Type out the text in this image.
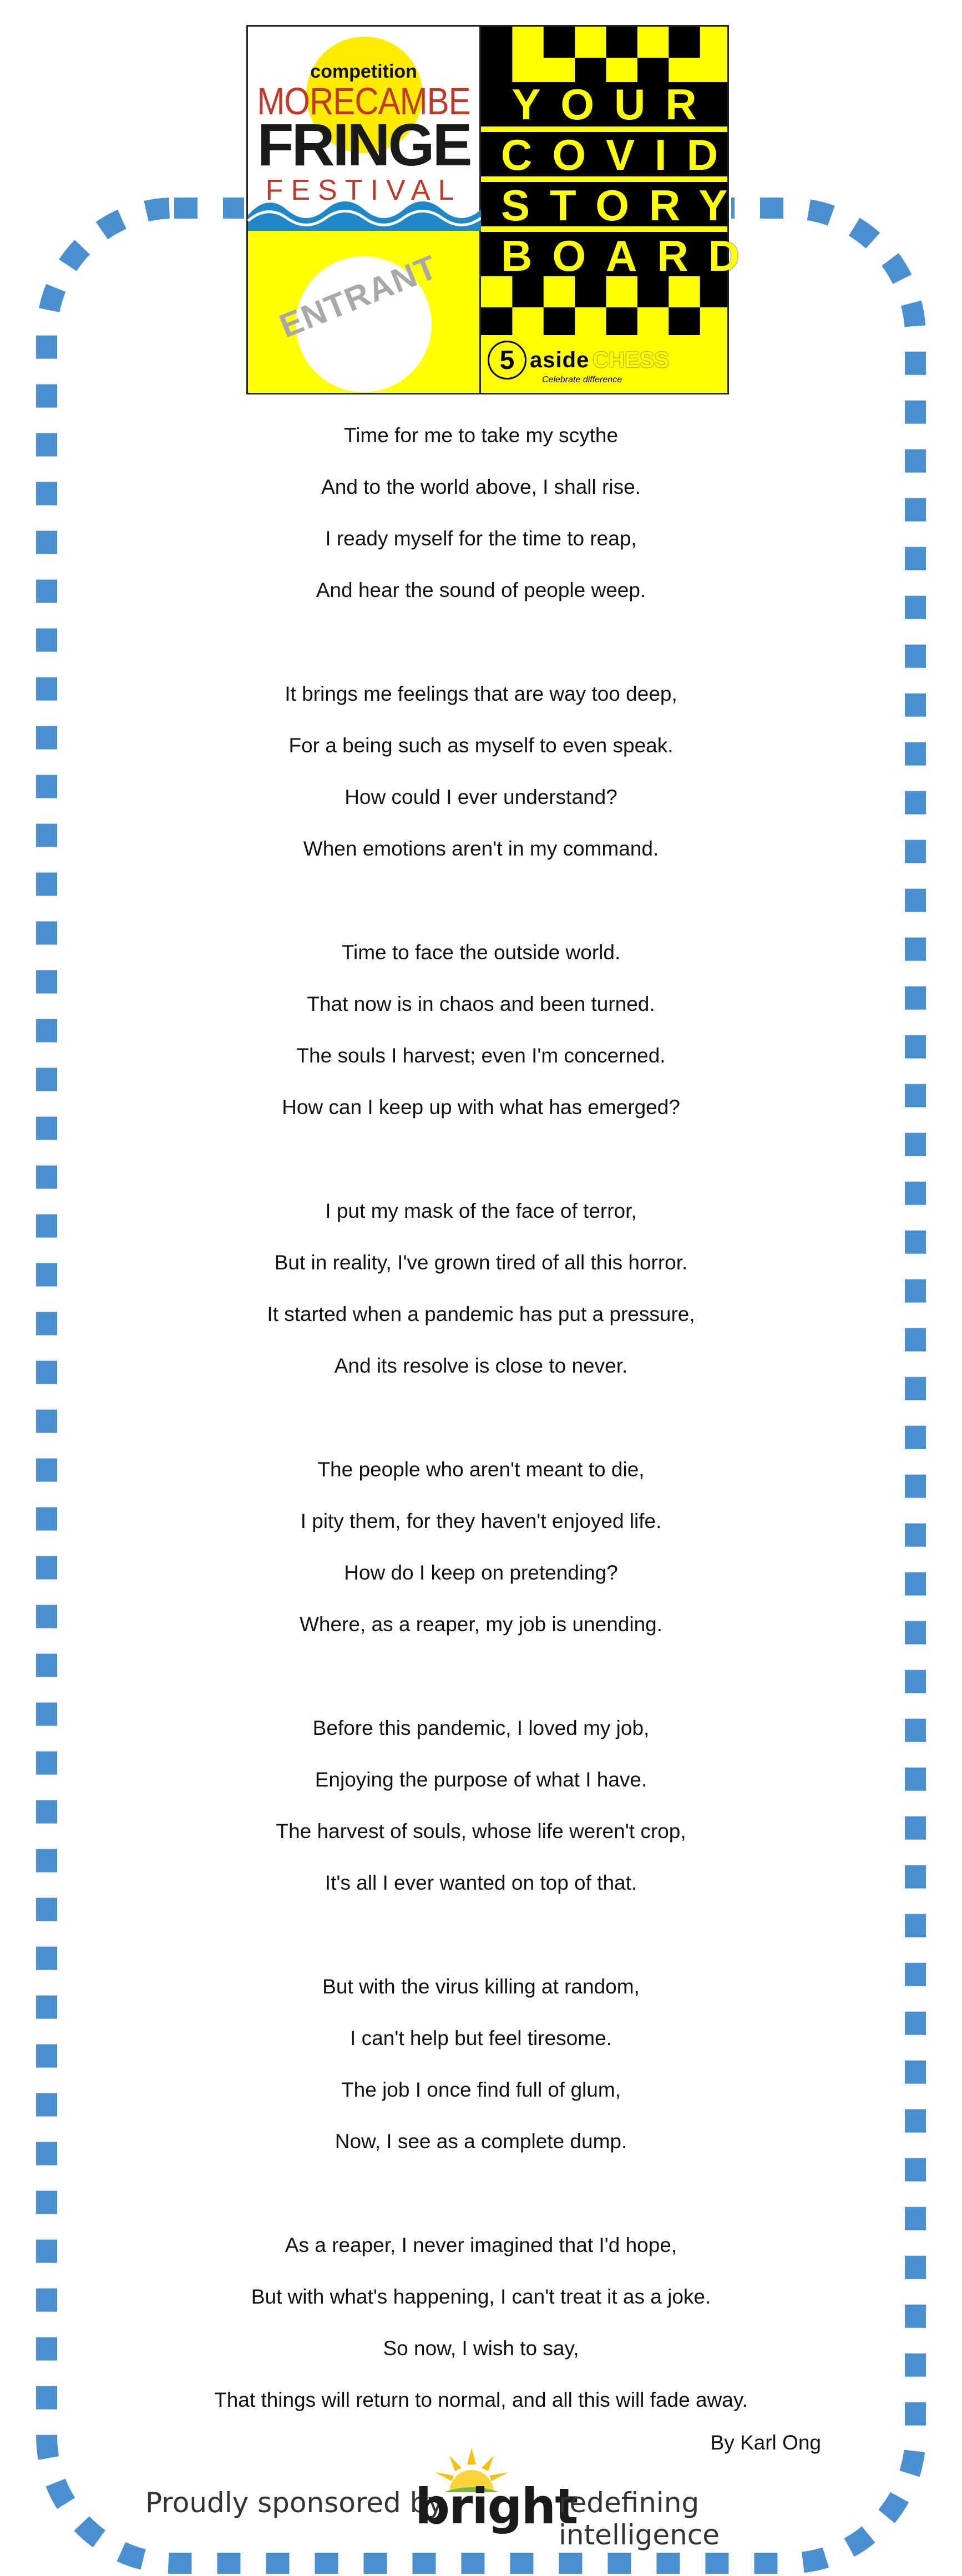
competition
MORECAMBE
FRINGE
FESTIVAL
YOUR
COVID
STORY
BOARD
5 aside CHESS
Celebrate difference
ENTRANT
Time for me to take my scythe
And to the world above, I shall rise.
I ready myself for the time to reap,
And hear the sound of people weep.
It brings me feelings that are way too deep,
For a being such as myself to even speak.
How could I ever understand?
When emotions aren't in my command.
Time to face the outside world.
That now is in chaos and been turned.
The souls I harvest; even I'm concerned.
How can I keep up with what has emerged?
I put my mask of the face of terror,
But in reality, I've grown tired of all this horror.
It started when a pandemic has put a pressure,
And its resolve is close to never.
The people who aren't meant to die,
I pity them, for they haven't enjoyed life.
How do I keep on pretending?
Where, as a reaper, my job is unending.
Before this pandemic, I loved my job,
Enjoying the purpose of what I have.
The harvest of souls, whose life weren't crop,
It's all I ever wanted on top of that.
But with the virus killing at random,
I can't help but feel tiresome.
The job I once find full of glum,
Now, I see as a complete dump.
As a reaper, I never imagined that I'd hope,
But with what's happening, I can't treat it as a joke.
So now, I wish to say,
That things will return to normal, and all this will fade away.
By Karl Ong
Proudly sponsored by
bright
redefining intelligence
